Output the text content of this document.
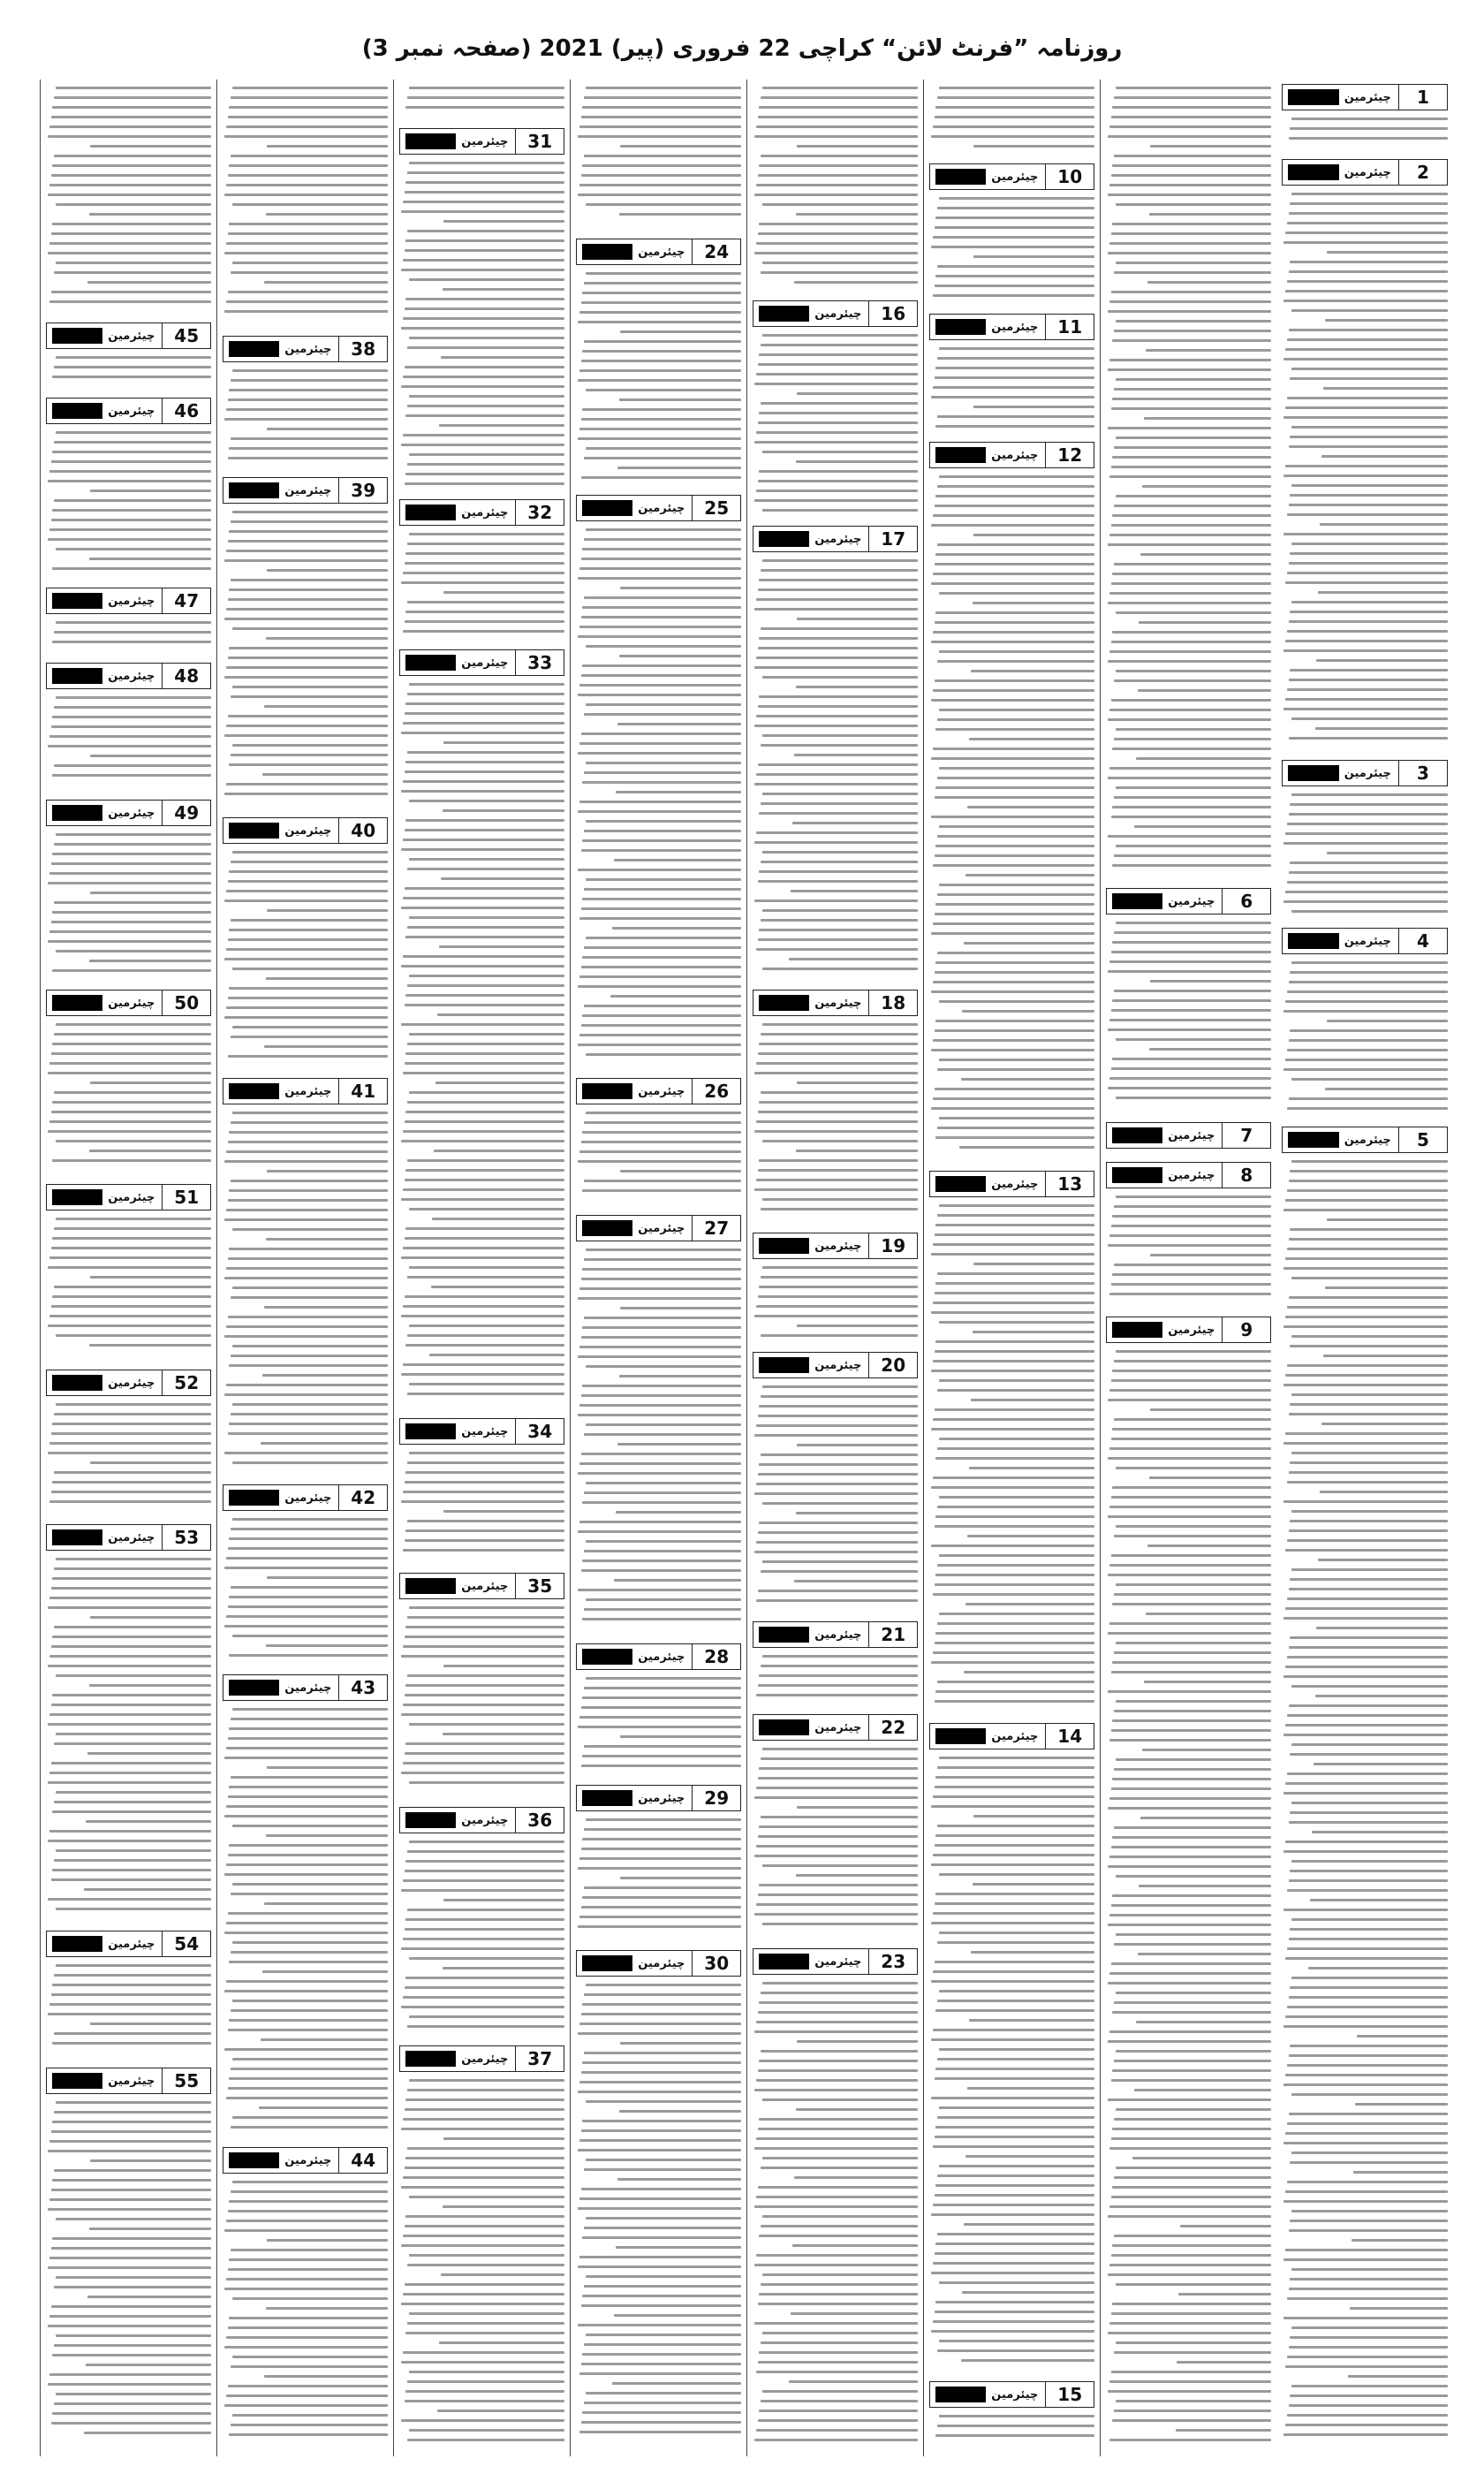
روزنامہ ”فرنٹ لائن“ کراچی 22 فروری (پیر) 2021 (صفحہ نمبر 3)
1
چیئرمین
2
چیئرمین
3
چیئرمین
4
چیئرمین
5
چیئرمین
6
چیئرمین
7
چیئرمین
8
چیئرمین
9
چیئرمین
10
چیئرمین
11
چیئرمین
12
چیئرمین
13
چیئرمین
14
چیئرمین
15
چیئرمین
16
چیئرمین
17
چیئرمین
18
چیئرمین
19
چیئرمین
20
چیئرمین
21
چیئرمین
22
چیئرمین
23
چیئرمین
24
چیئرمین
25
چیئرمین
26
چیئرمین
27
چیئرمین
28
چیئرمین
29
چیئرمین
30
چیئرمین
31
چیئرمین
32
چیئرمین
33
چیئرمین
34
چیئرمین
35
چیئرمین
36
چیئرمین
37
چیئرمین
38
چیئرمین
39
چیئرمین
40
چیئرمین
41
چیئرمین
42
چیئرمین
43
چیئرمین
44
چیئرمین
45
چیئرمین
46
چیئرمین
47
چیئرمین
48
چیئرمین
49
چیئرمین
50
چیئرمین
51
چیئرمین
52
چیئرمین
53
چیئرمین
54
چیئرمین
55
چیئرمین
